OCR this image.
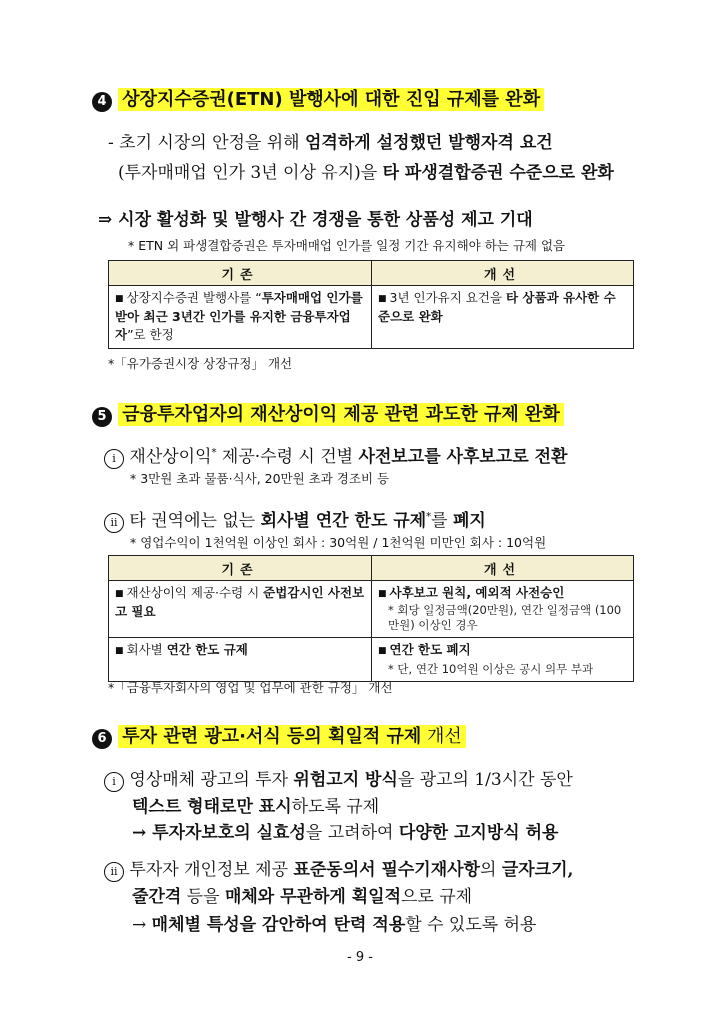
4 상장지수증권(ETN) 발행사에 대한 진입 규제를 완화
- 초기 시장의 안정을 위해 엄격하게 설정했던 발행자격 요건
(투자매매업 인가 3년 이상 유지)을 타 파생결합증권 수준으로 완화
⇒ 시장 활성화 및 발행사 간 경쟁을 통한 상품성 제고 기대
* ETN 외 파생결합증권은 투자매매업 인가를 일정 기간 유지해야 하는 규제 없음
기존	개선
■ 상장지수증권 발행사를 “투자매매업 인가를 받아 최근 3년간 인가를 유지한 금융투자업자”로 한정	■ 3년 인가유지 요건을 타 상품과 유사한 수준으로 완화
*「유가증권시장 상장규정」 개선
5 금융투자업자의 재산상이익 제공 관련 과도한 규제 완화
i 재산상이익* 제공·수령 시 건별 사전보고를 사후보고로 전환
* 3만원 초과 물품·식사, 20만원 초과 경조비 등
ii 타 권역에는 없는 회사별 연간 한도 규제*를 폐지
* 영업수익이 1천억원 이상인 회사 : 30억원 / 1천억원 미만인 회사 : 10억원
기존	개선
■ 재산상이익 제공·수령 시 준법감시인 사전보고 필요	■ 사후보고 원칙, 예외적 사전승인
* 회당 일정금액(20만원), 연간 일정금액 (100만원) 이상인 경우
■ 회사별 연간 한도 규제	■연간 한도 폐지
* 단, 연간 10억원 이상은 공시 의무 부과
*「금융투자회사의 영업 및 업무에 관한 규정」 개선
6 투자 관련 광고·서식 등의 획일적 규제 개선
i 영상매체 광고의 투자 위험고지 방식을 광고의 1/3시간 동안
텍스트 형태로만 표시하도록 규제
→ 투자자보호의 실효성을 고려하여 다양한 고지방식 허용
ii 투자자 개인정보 제공 표준동의서 필수기재사항의 글자크기,
줄간격 등을 매체와 무관하게 획일적으로 규제
→ 매체별 특성을 감안하여 탄력 적용할 수 있도록 허용
- 9 -
